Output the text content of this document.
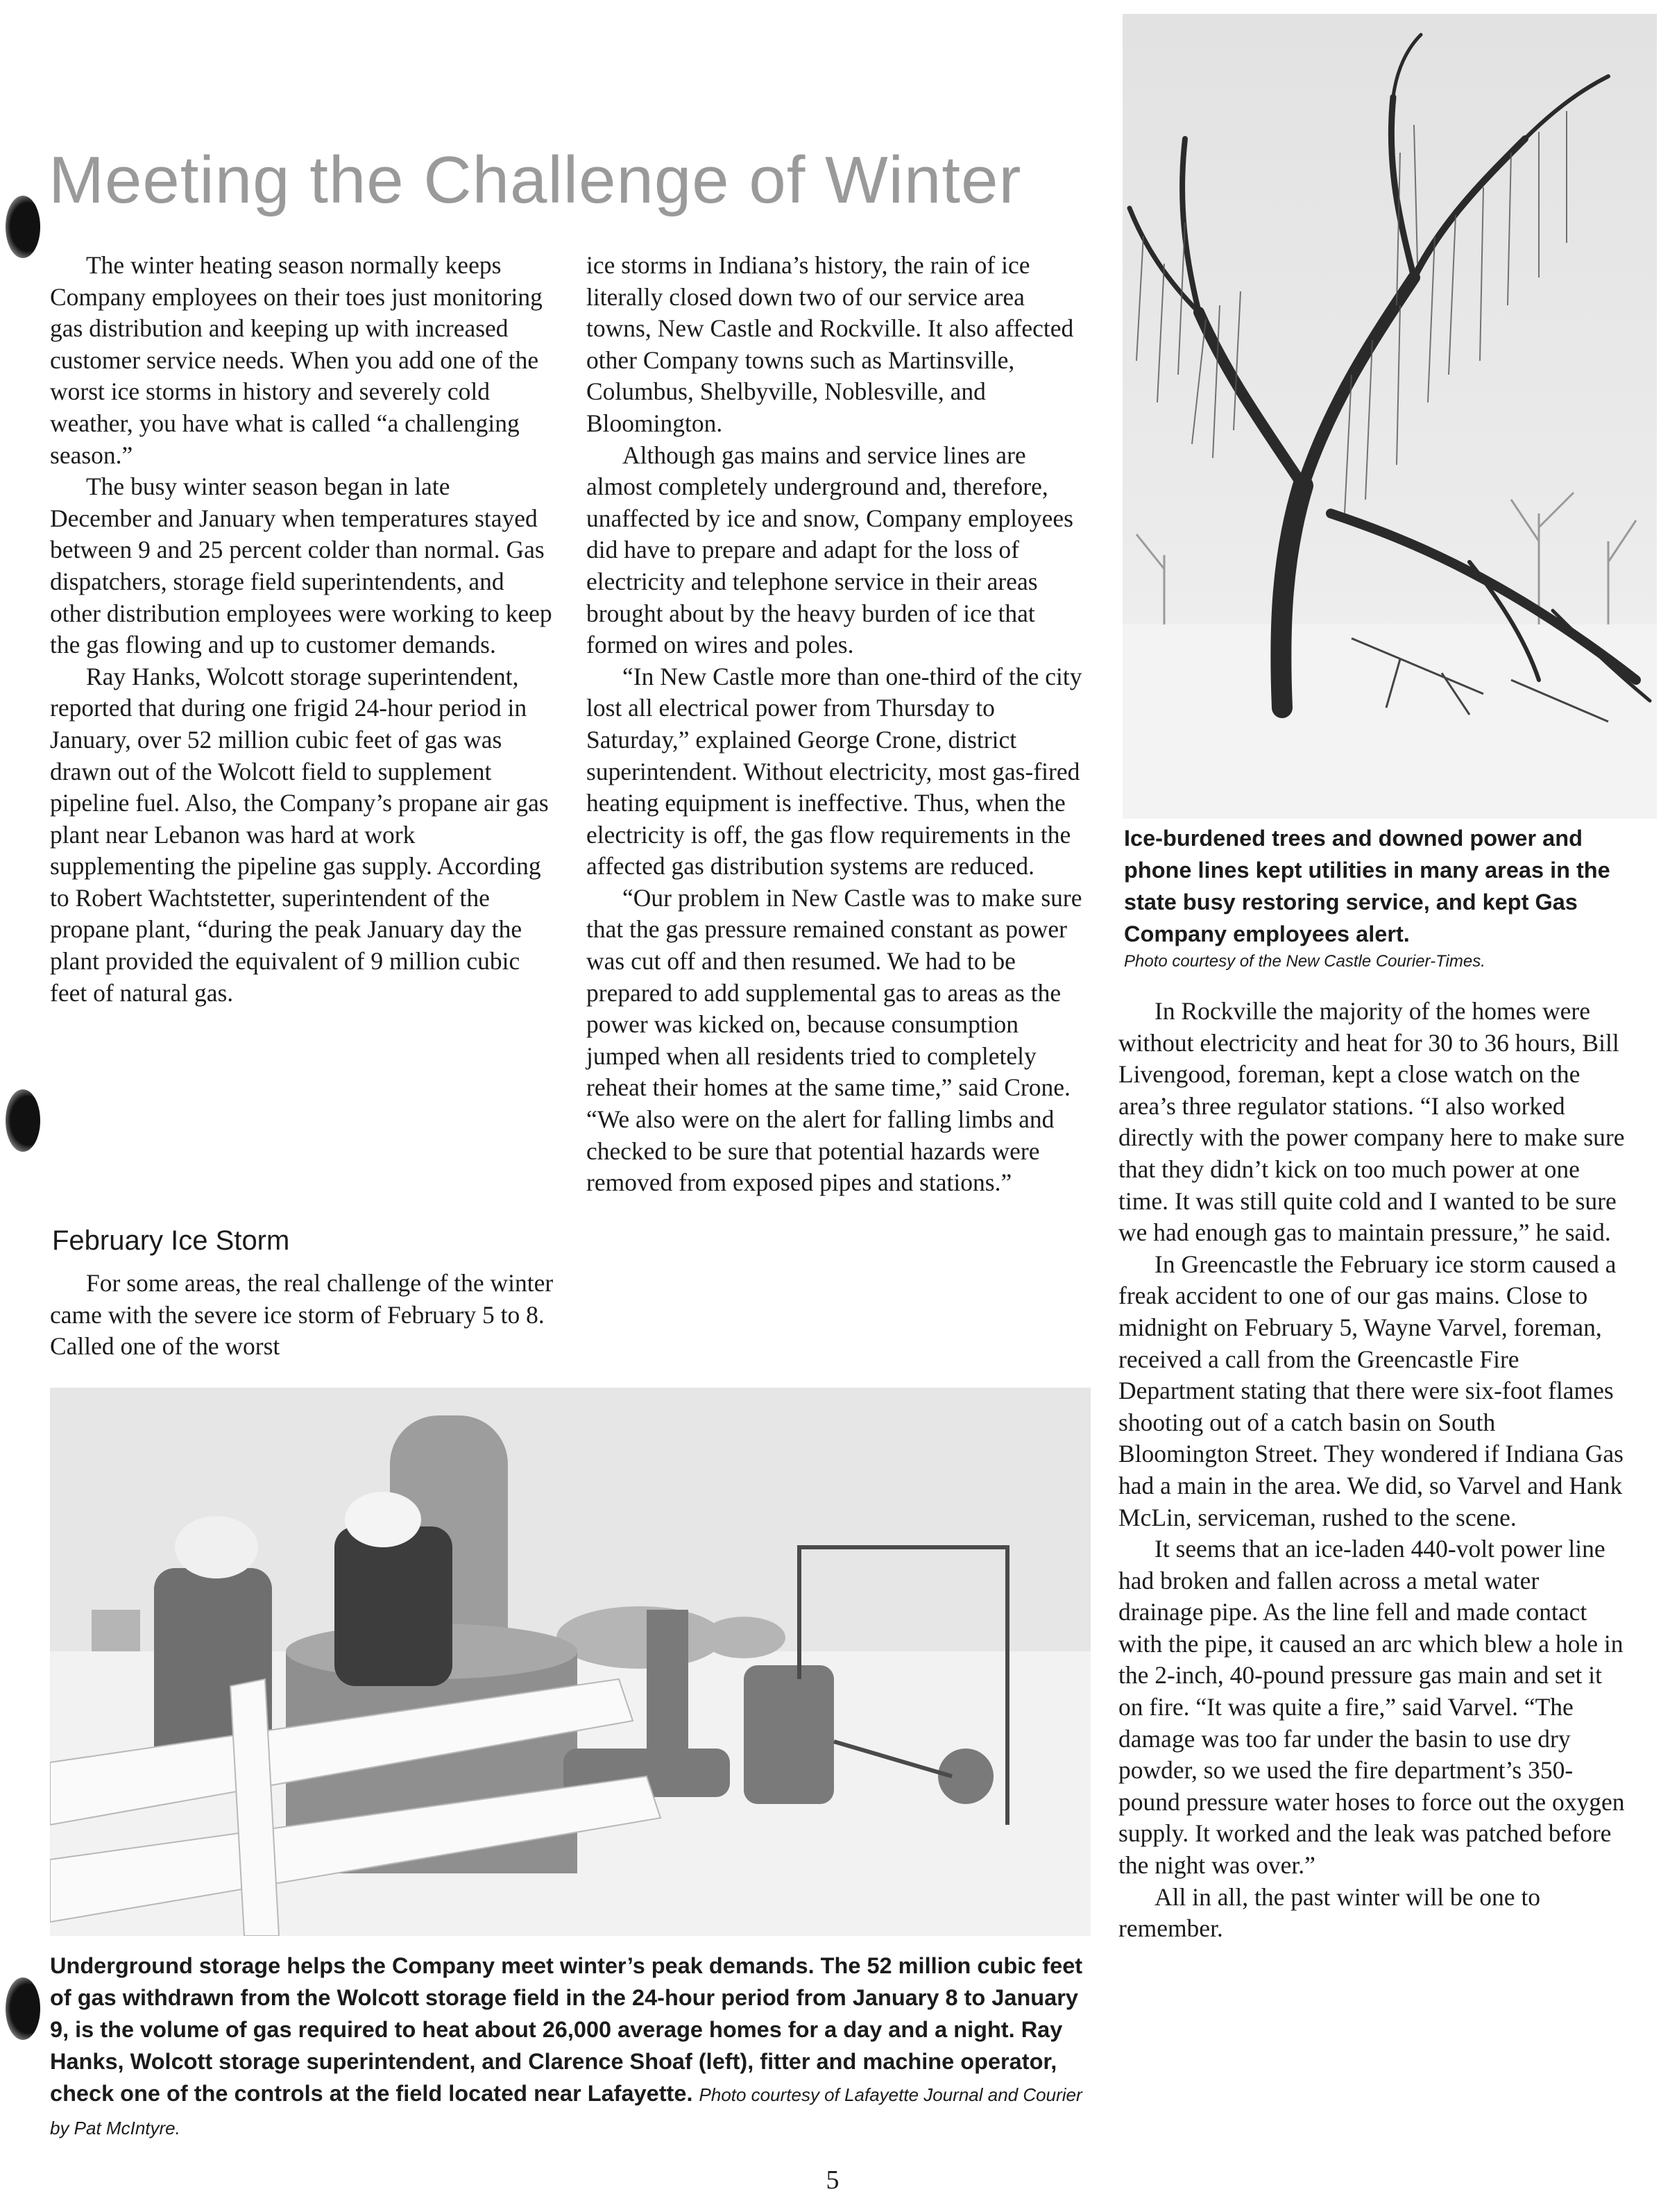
Meeting the Challenge of Winter

The winter heating season normally keeps Company employees on their toes just monitoring gas distribution and keeping up with increased customer service needs. When you add one of the worst ice storms in history and severely cold weather, you have what is called “a challenging season.”

The busy winter season began in late December and January when temperatures stayed between 9 and 25 percent colder than normal. Gas dispatchers, storage field superintendents, and other distribution employees were working to keep the gas flowing and up to customer demands.

Ray Hanks, Wolcott storage superintendent, reported that during one frigid 24-hour period in January, over 52 million cubic feet of gas was drawn out of the Wolcott field to supplement pipeline fuel. Also, the Company’s propane air gas plant near Lebanon was hard at work supplementing the pipeline gas supply. According to Robert Wachtstetter, superintendent of the propane plant, “during the peak January day the plant provided the equivalent of 9 million cubic feet of natural gas.

February Ice Storm

For some areas, the real challenge of the winter came with the severe ice storm of February 5 to 8. Called one of the worst

ice storms in Indiana’s history, the rain of ice literally closed down two of our service area towns, New Castle and Rockville. It also affected other Company towns such as Martinsville, Columbus, Shelbyville, Noblesville, and Bloomington.

Although gas mains and service lines are almost completely underground and, therefore, unaffected by ice and snow, Company employees did have to prepare and adapt for the loss of electricity and telephone service in their areas brought about by the heavy burden of ice that formed on wires and poles.

“In New Castle more than one-third of the city lost all electrical power from Thursday to Saturday,” explained George Crone, district superintendent. Without electricity, most gas-fired heating equipment is ineffective. Thus, when the electricity is off, the gas flow requirements in the affected gas distribution systems are reduced.

“Our problem in New Castle was to make sure that the gas pressure remained constant as power was cut off and then resumed. We had to be prepared to add supplemental gas to areas as the power was kicked on, because consumption jumped when all residents tried to completely reheat their homes at the same time,” said Crone. “We also were on the alert for falling limbs and checked to be sure that potential hazards were removed from exposed pipes and stations.”

Ice-burdened trees and downed power and phone lines kept utilities in many areas in the state busy restoring service, and kept Gas Company employees alert.
Photo courtesy of the New Castle Courier-Times.

In Rockville the majority of the homes were without electricity and heat for 30 to 36 hours, Bill Livengood, foreman, kept a close watch on the area’s three regulator stations. “I also worked directly with the power company here to make sure that they didn’t kick on too much power at one time. It was still quite cold and I wanted to be sure we had enough gas to maintain pressure,” he said.

In Greencastle the February ice storm caused a freak accident to one of our gas mains. Close to midnight on February 5, Wayne Varvel, foreman, received a call from the Greencastle Fire Department stating that there were six-foot flames shooting out of a catch basin on South Bloomington Street. They wondered if Indiana Gas had a main in the area. We did, so Varvel and Hank McLin, serviceman, rushed to the scene.

It seems that an ice-laden 440-volt power line had broken and fallen across a metal water drainage pipe. As the line fell and made contact with the pipe, it caused an arc which blew a hole in the 2-inch, 40-pound pressure gas main and set it on fire. “It was quite a fire,” said Varvel. “The damage was too far under the basin to use dry powder, so we used the fire department’s 350-pound pressure water hoses to force out the oxygen supply. It worked and the leak was patched before the night was over.”

All in all, the past winter will be one to remember.

Underground storage helps the Company meet winter’s peak demands. The 52 million cubic feet of gas withdrawn from the Wolcott storage field in the 24-hour period from January 8 to January 9, is the volume of gas required to heat about 26,000 average homes for a day and a night. Ray Hanks, Wolcott storage superintendent, and Clarence Shoaf (left), fitter and machine operator, check one of the controls at the field located near Lafayette. Photo courtesy of Lafayette Journal and Courier by Pat McIntyre.
5
